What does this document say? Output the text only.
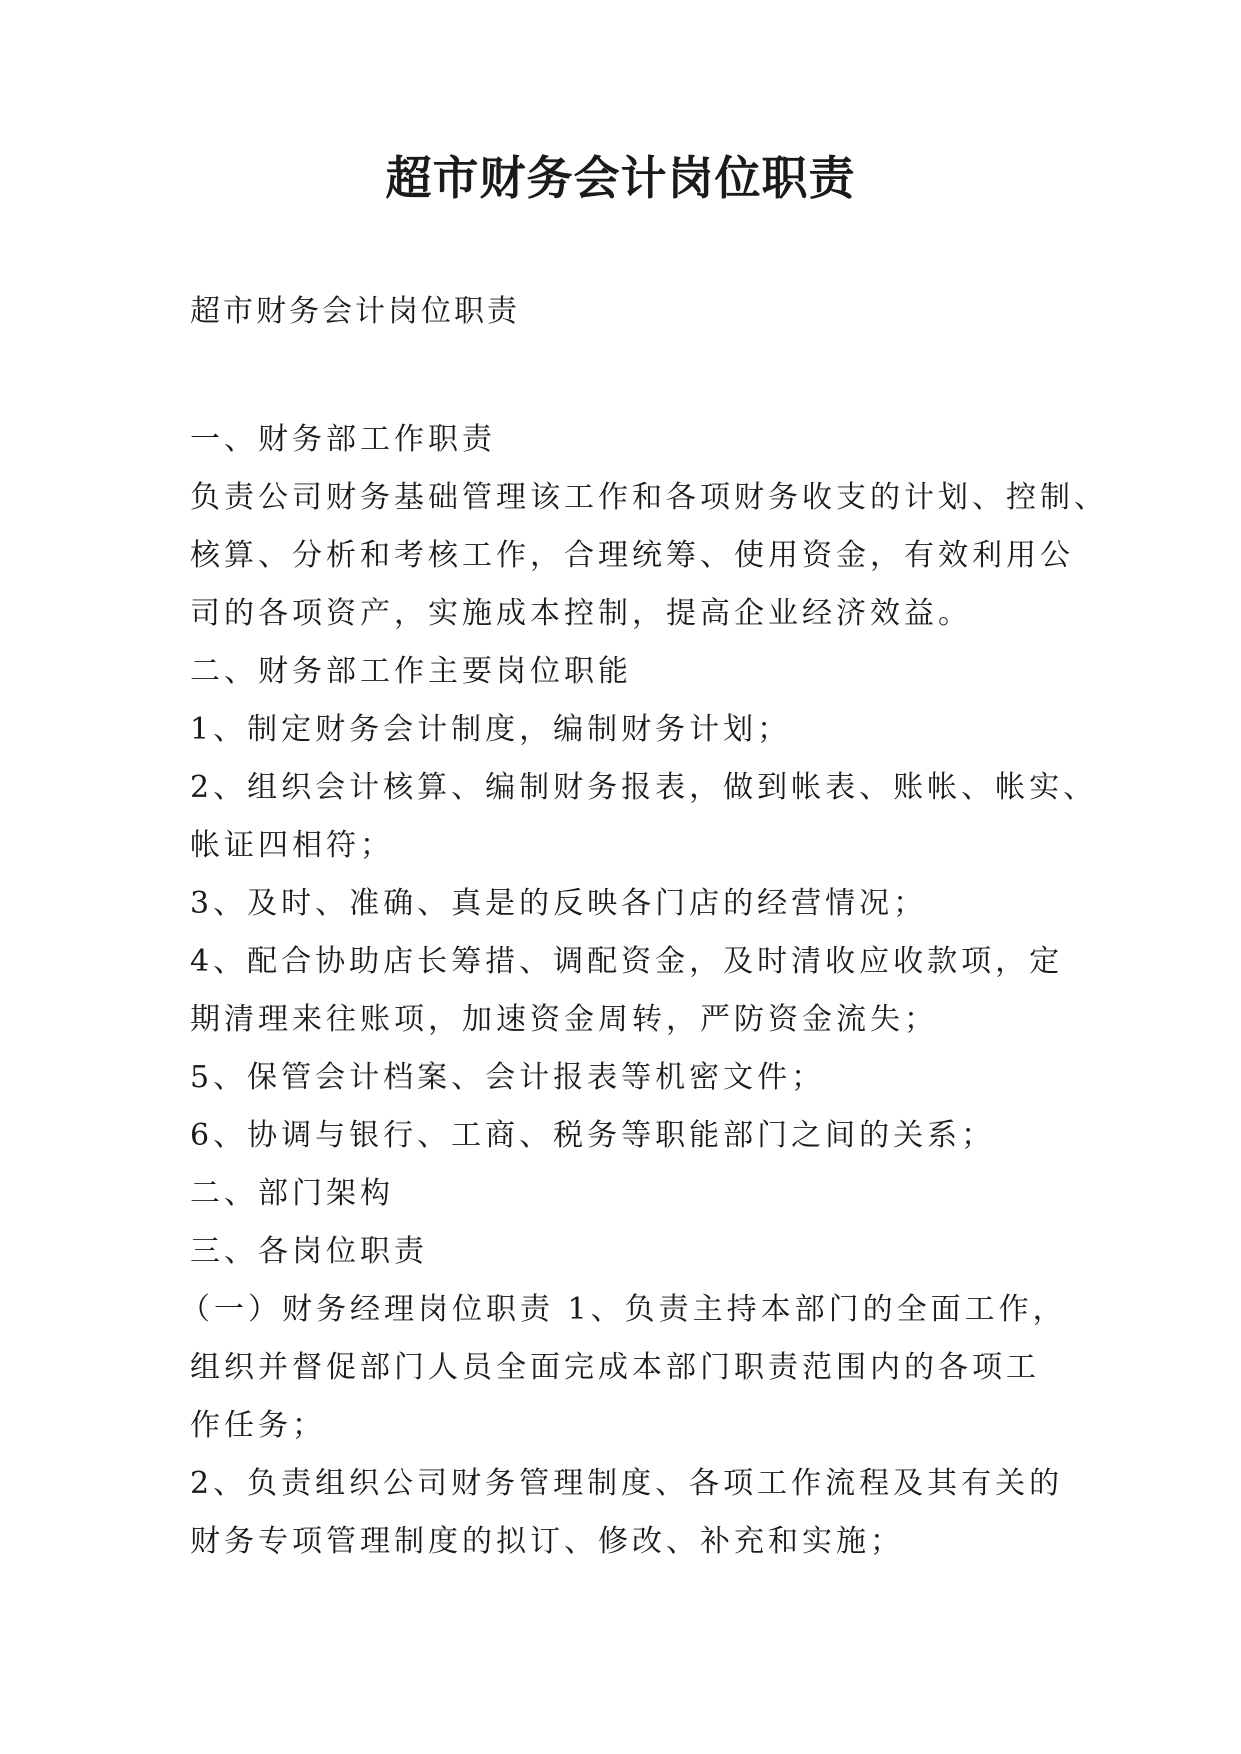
超市财务会计岗位职责

超市财务会计岗位职责

一、财务部工作职责

负责公司财务基础管理该工作和各项财务收支的计划、控制、

核算、分析和考核工作，合理统筹、使用资金，有效利用公

司的各项资产，实施成本控制，提高企业经济效益。

二、财务部工作主要岗位职能

1、制定财务会计制度，编制财务计划；

2、组织会计核算、编制财务报表，做到帐表、账帐、帐实、

帐证四相符；

3、及时、准确、真是的反映各门店的经营情况；

4、配合协助店长筹措、调配资金，及时清收应收款项，定

期清理来往账项，加速资金周转，严防资金流失；

5、保管会计档案、会计报表等机密文件；

6、协调与银行、工商、税务等职能部门之间的关系；

二、部门架构

三、各岗位职责

（一）财务经理岗位职责 1、负责主持本部门的全面工作，

组织并督促部门人员全面完成本部门职责范围内的各项工

作任务；

2、负责组织公司财务管理制度、各项工作流程及其有关的

财务专项管理制度的拟订、修改、补充和实施；
